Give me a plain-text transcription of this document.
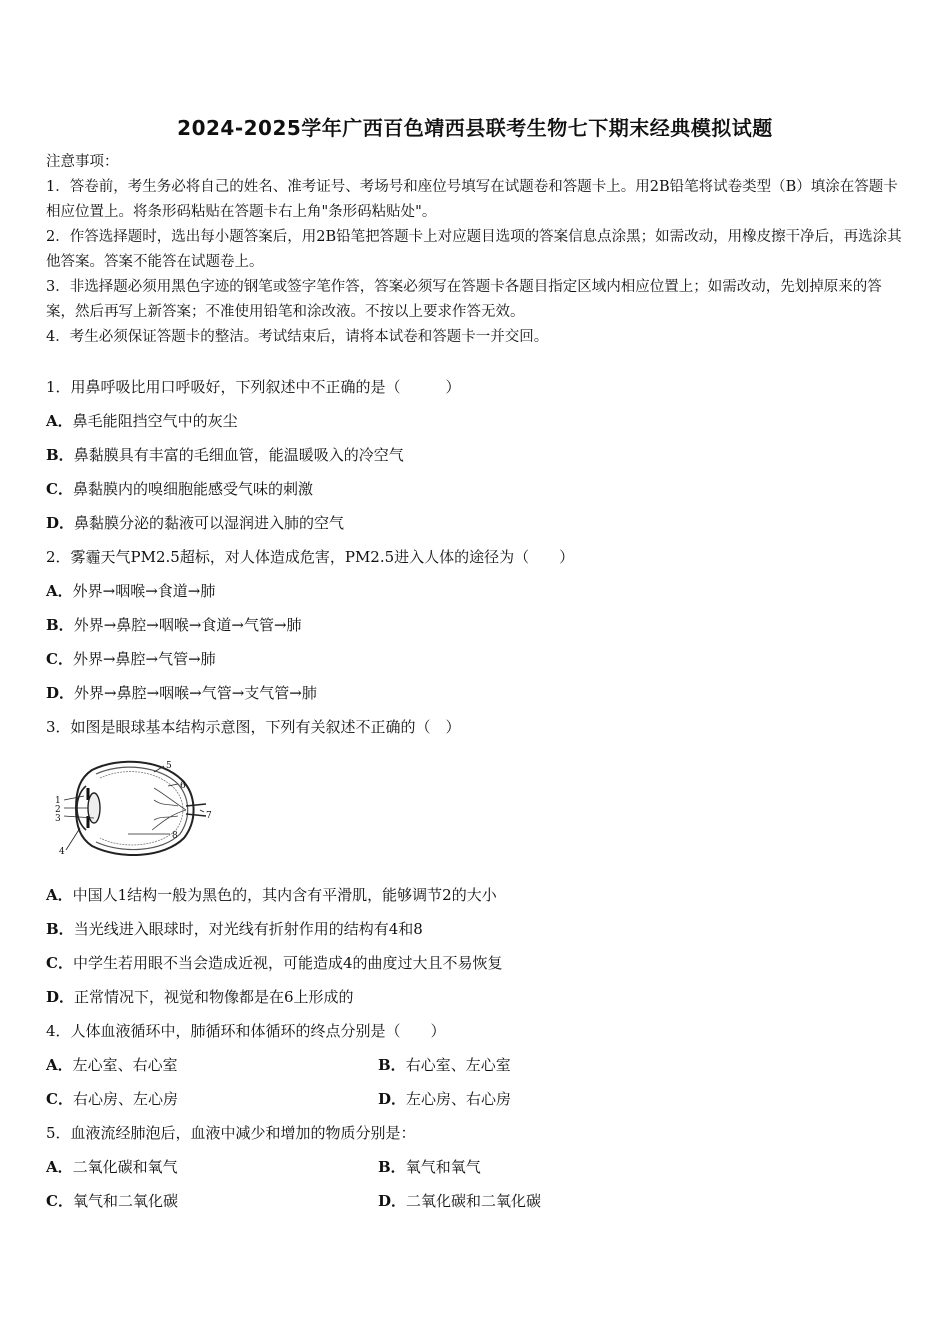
2024-2025学年广西百色靖西县联考生物七下期末经典模拟试题

注意事项：

1．答卷前，考生务必将自己的姓名、准考证号、考场号和座位号填写在试题卷和答题卡上。用2B铅笔将试卷类型（B）填涂在答题卡相应位置上。将条形码粘贴在答题卡右上角"条形码粘贴处"。

2．作答选择题时，选出每小题答案后，用2B铅笔把答题卡上对应题目选项的答案信息点涂黑；如需改动，用橡皮擦干净后，再选涂其他答案。答案不能答在试题卷上。

3．非选择题必须用黑色字迹的钢笔或签字笔作答，答案必须写在答题卡各题目指定区域内相应位置上；如需改动，先划掉原来的答案，然后再写上新答案；不准使用铅笔和涂改液。不按以上要求作答无效。

4．考生必须保证答题卡的整洁。考试结束后，请将本试卷和答题卡一并交回。

1．用鼻呼吸比用口呼吸好，下列叙述中不正确的是（　　　）
A．鼻毛能阻挡空气中的灰尘
B．鼻黏膜具有丰富的毛细血管，能温暖吸入的冷空气
C．鼻黏膜内的嗅细胞能感受气味的刺激
D．鼻黏膜分泌的黏液可以湿润进入肺的空气
2．雾霾天气PM2.5超标，对人体造成危害，PM2.5进入人体的途径为（　　）
A．外界→咽喉→食道→肺
B．外界→鼻腔→咽喉→食道→气管→肺
C．外界→鼻腔→气管→肺
D．外界→鼻腔→咽喉→气管→支气管→肺
3．如图是眼球基本结构示意图，下列有关叙述不正确的（　）
1
2
3
4
5
6
7
8
A．中国人1结构一般为黑色的，其内含有平滑肌，能够调节2的大小
B．当光线进入眼球时，对光线有折射作用的结构有4和8
C．中学生若用眼不当会造成近视，可能造成4的曲度过大且不易恢复
D．正常情况下，视觉和物像都是在6上形成的
4．人体血液循环中，肺循环和体循环的终点分别是（　　）
A．左心室、右心室	B．右心室、左心室
C．右心房、左心房	D．左心房、右心房
5．血液流经肺泡后，血液中减少和增加的物质分别是：
A．二氧化碳和氧气	B．氧气和氧气
C．氧气和二氧化碳	D．二氧化碳和二氧化碳
